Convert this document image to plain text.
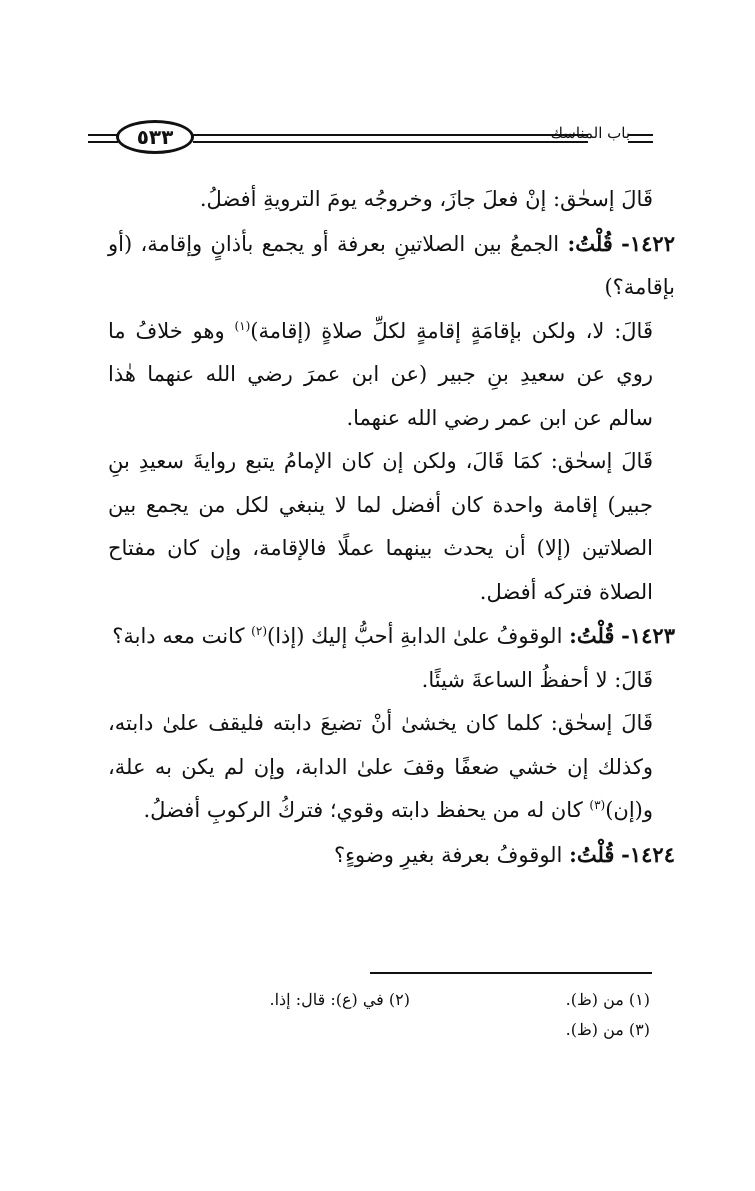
٥٣٣	باب المناسك

قَالَ إسحٰق: إنْ فعلَ جازَ، وخروجُه يومَ الترويةِ أفضلُ.

١٤٢٢- قُلْتُ: الجمعُ بين الصلاتينِ بعرفة أو يجمع بأذانٍ وإقامة، (أو بإقامة؟)

قَالَ: لا، ولكن بإقامَةٍ إقامةٍ لكلِّ صلاةٍ (إقامة)$^{(١)}$ وهو خلافُ ما روي عن سعيدِ بنِ جبير (عن ابن عمرَ رضي الله عنهما هٰذا سالم عن ابن عمر رضي الله عنهما.

قَالَ إسحٰق: كمَا قَالَ، ولكن إن كان الإمامُ يتبع روايةَ سعيدِ بنِ جبير) إقامة واحدة كان أفضل لما لا ينبغي لكل من يجمع بين الصلاتين (إلا) أن يحدث بينهما عملًا فالإقامة، وإن كان مفتاح الصلاة فتركه أفضل.

١٤٢٣- قُلْتُ: الوقوفُ علىٰ الدابةِ أحبُّ إليك (إذا)$^{(٢)}$ كانت معه دابة؟

قَالَ: لا أحفظُ الساعةَ شيئًا.

قَالَ إسحٰق: كلما كان يخشىٰ أنْ تضيعَ دابته فليقف علىٰ دابته، وكذلك إن خشي ضعفًا وقفَ علىٰ الدابة، وإن لم يكن به علة، و(إن)$^{(٣)}$ كان له من يحفظ دابته وقوي؛ فتركُ الركوبِ أفضلُ.

١٤٢٤- قُلْتُ: الوقوفُ بعرفة بغيرِ وضوءٍ؟

(١) من (ظ).
(٢) في (ع): قال: إذا.
(٣) من (ظ).
